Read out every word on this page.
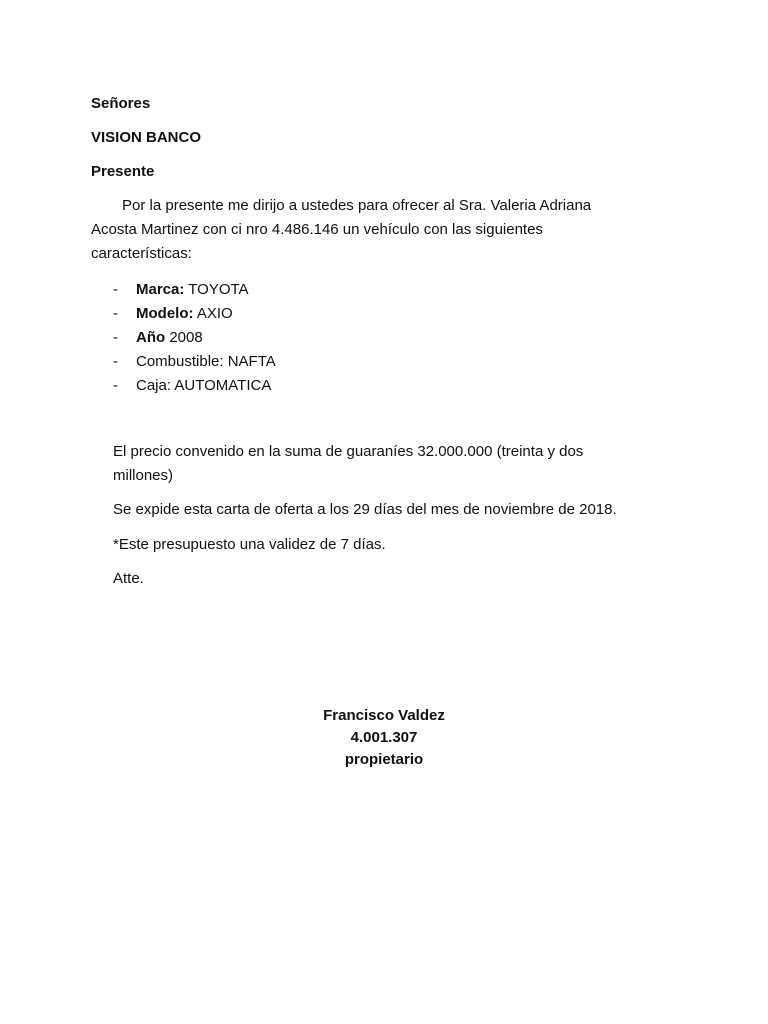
Señores
VISION BANCO
Presente
Por la presente me dirijo a ustedes para ofrecer al Sra. Valeria Adriana
Acosta Martinez con ci nro 4.486.146 un vehículo con las siguientes
características:
- Marca: TOYOTA
- Modelo: AXIO
- Año 2008
- Combustible: NAFTA
- Caja: AUTOMATICA
El precio convenido en la suma de guaraníes 32.000.000 (treinta y dos
millones)
Se expide esta carta de oferta a los 29 días del mes de noviembre de 2018.
*Este presupuesto una validez de 7 días.
Atte.
Francisco Valdez
4.001.307
propietario
